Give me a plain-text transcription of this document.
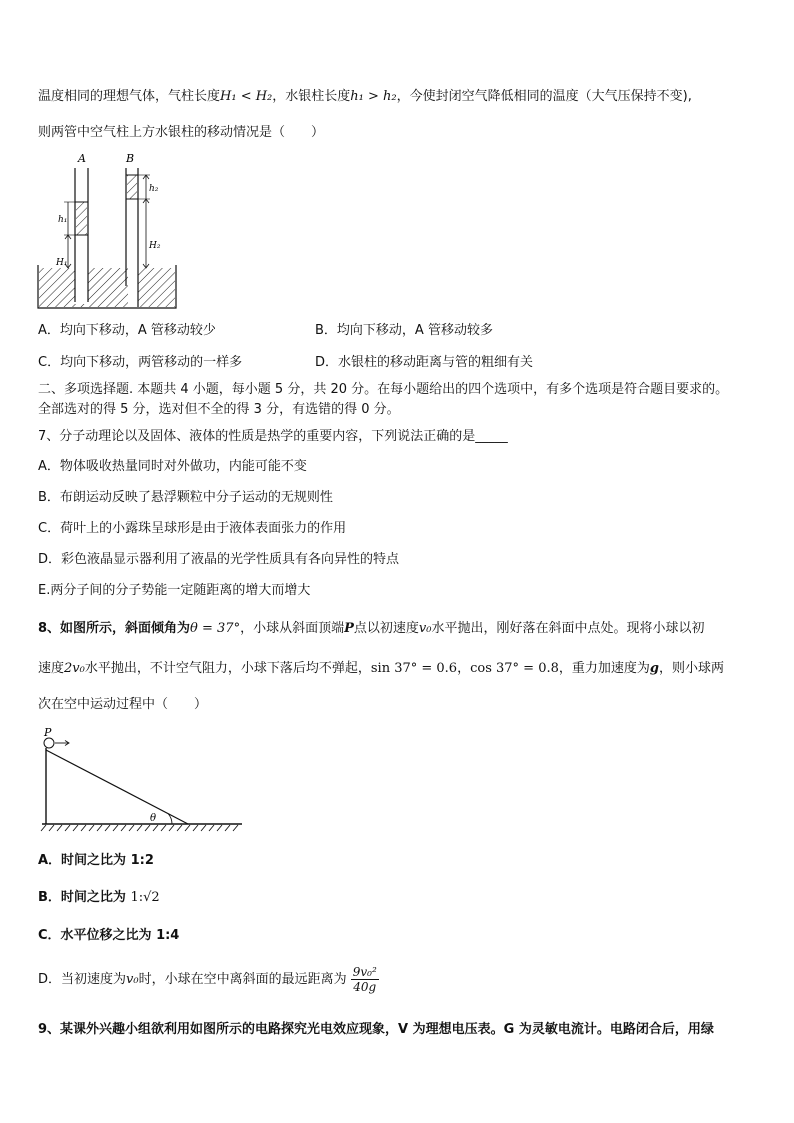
温度相同的理想气体，气柱长度H₁ < H₂，水银柱长度h₁ > h₂，今使封闭空气降低相同的温度（大气压保持不变),
则两管中空气柱上方水银柱的移动情况是（　　）
A	B
h₁
h₂
H₁
H₂
A．均向下移动，A 管移动较少	B．均向下移动，A 管移动较多
C．均向下移动，两管移动的一样多	D．水银柱的移动距离与管的粗细有关
二、多项选择题. 本题共 4 小题，每小题 5 分，共 20 分。在每小题给出的四个选项中，有多个选项是符合题目要求的。
全部选对的得 5 分，选对但不全的得 3 分，有选错的得 0 分。
7、分子动理论以及固体、液体的性质是热学的重要内容，下列说法正确的是_____
A．物体吸收热量同时对外做功，内能可能不变
B．布朗运动反映了悬浮颗粒中分子运动的无规则性
C．荷叶上的小露珠呈球形是由于液体表面张力的作用
D．彩色液晶显示器利用了液晶的光学性质具有各向异性的特点
E.两分子间的分子势能一定随距离的增大而增大
8、如图所示，斜面倾角为θ = 37°，小球从斜面顶端P点以初速度v₀水平抛出，刚好落在斜面中点处。现将小球以初
速度2v₀水平抛出，不计空气阻力，小球下落后均不弹起，sin 37° = 0.6，cos 37° = 0.8，重力加速度为g，则小球两
次在空中运动过程中（　　）
P
θ
A．时间之比为 1:2
B．时间之比为 1:√2
C．水平位移之比为 1:4
D．当初速度为v₀时，小球在空中离斜面的最远距离为 $\frac{\text{9v₀²}}{40g}$
9、某课外兴趣小组欲利用如图所示的电路探究光电效应现象，V 为理想电压表。G 为灵敏电流计。电路闭合后，用绿
